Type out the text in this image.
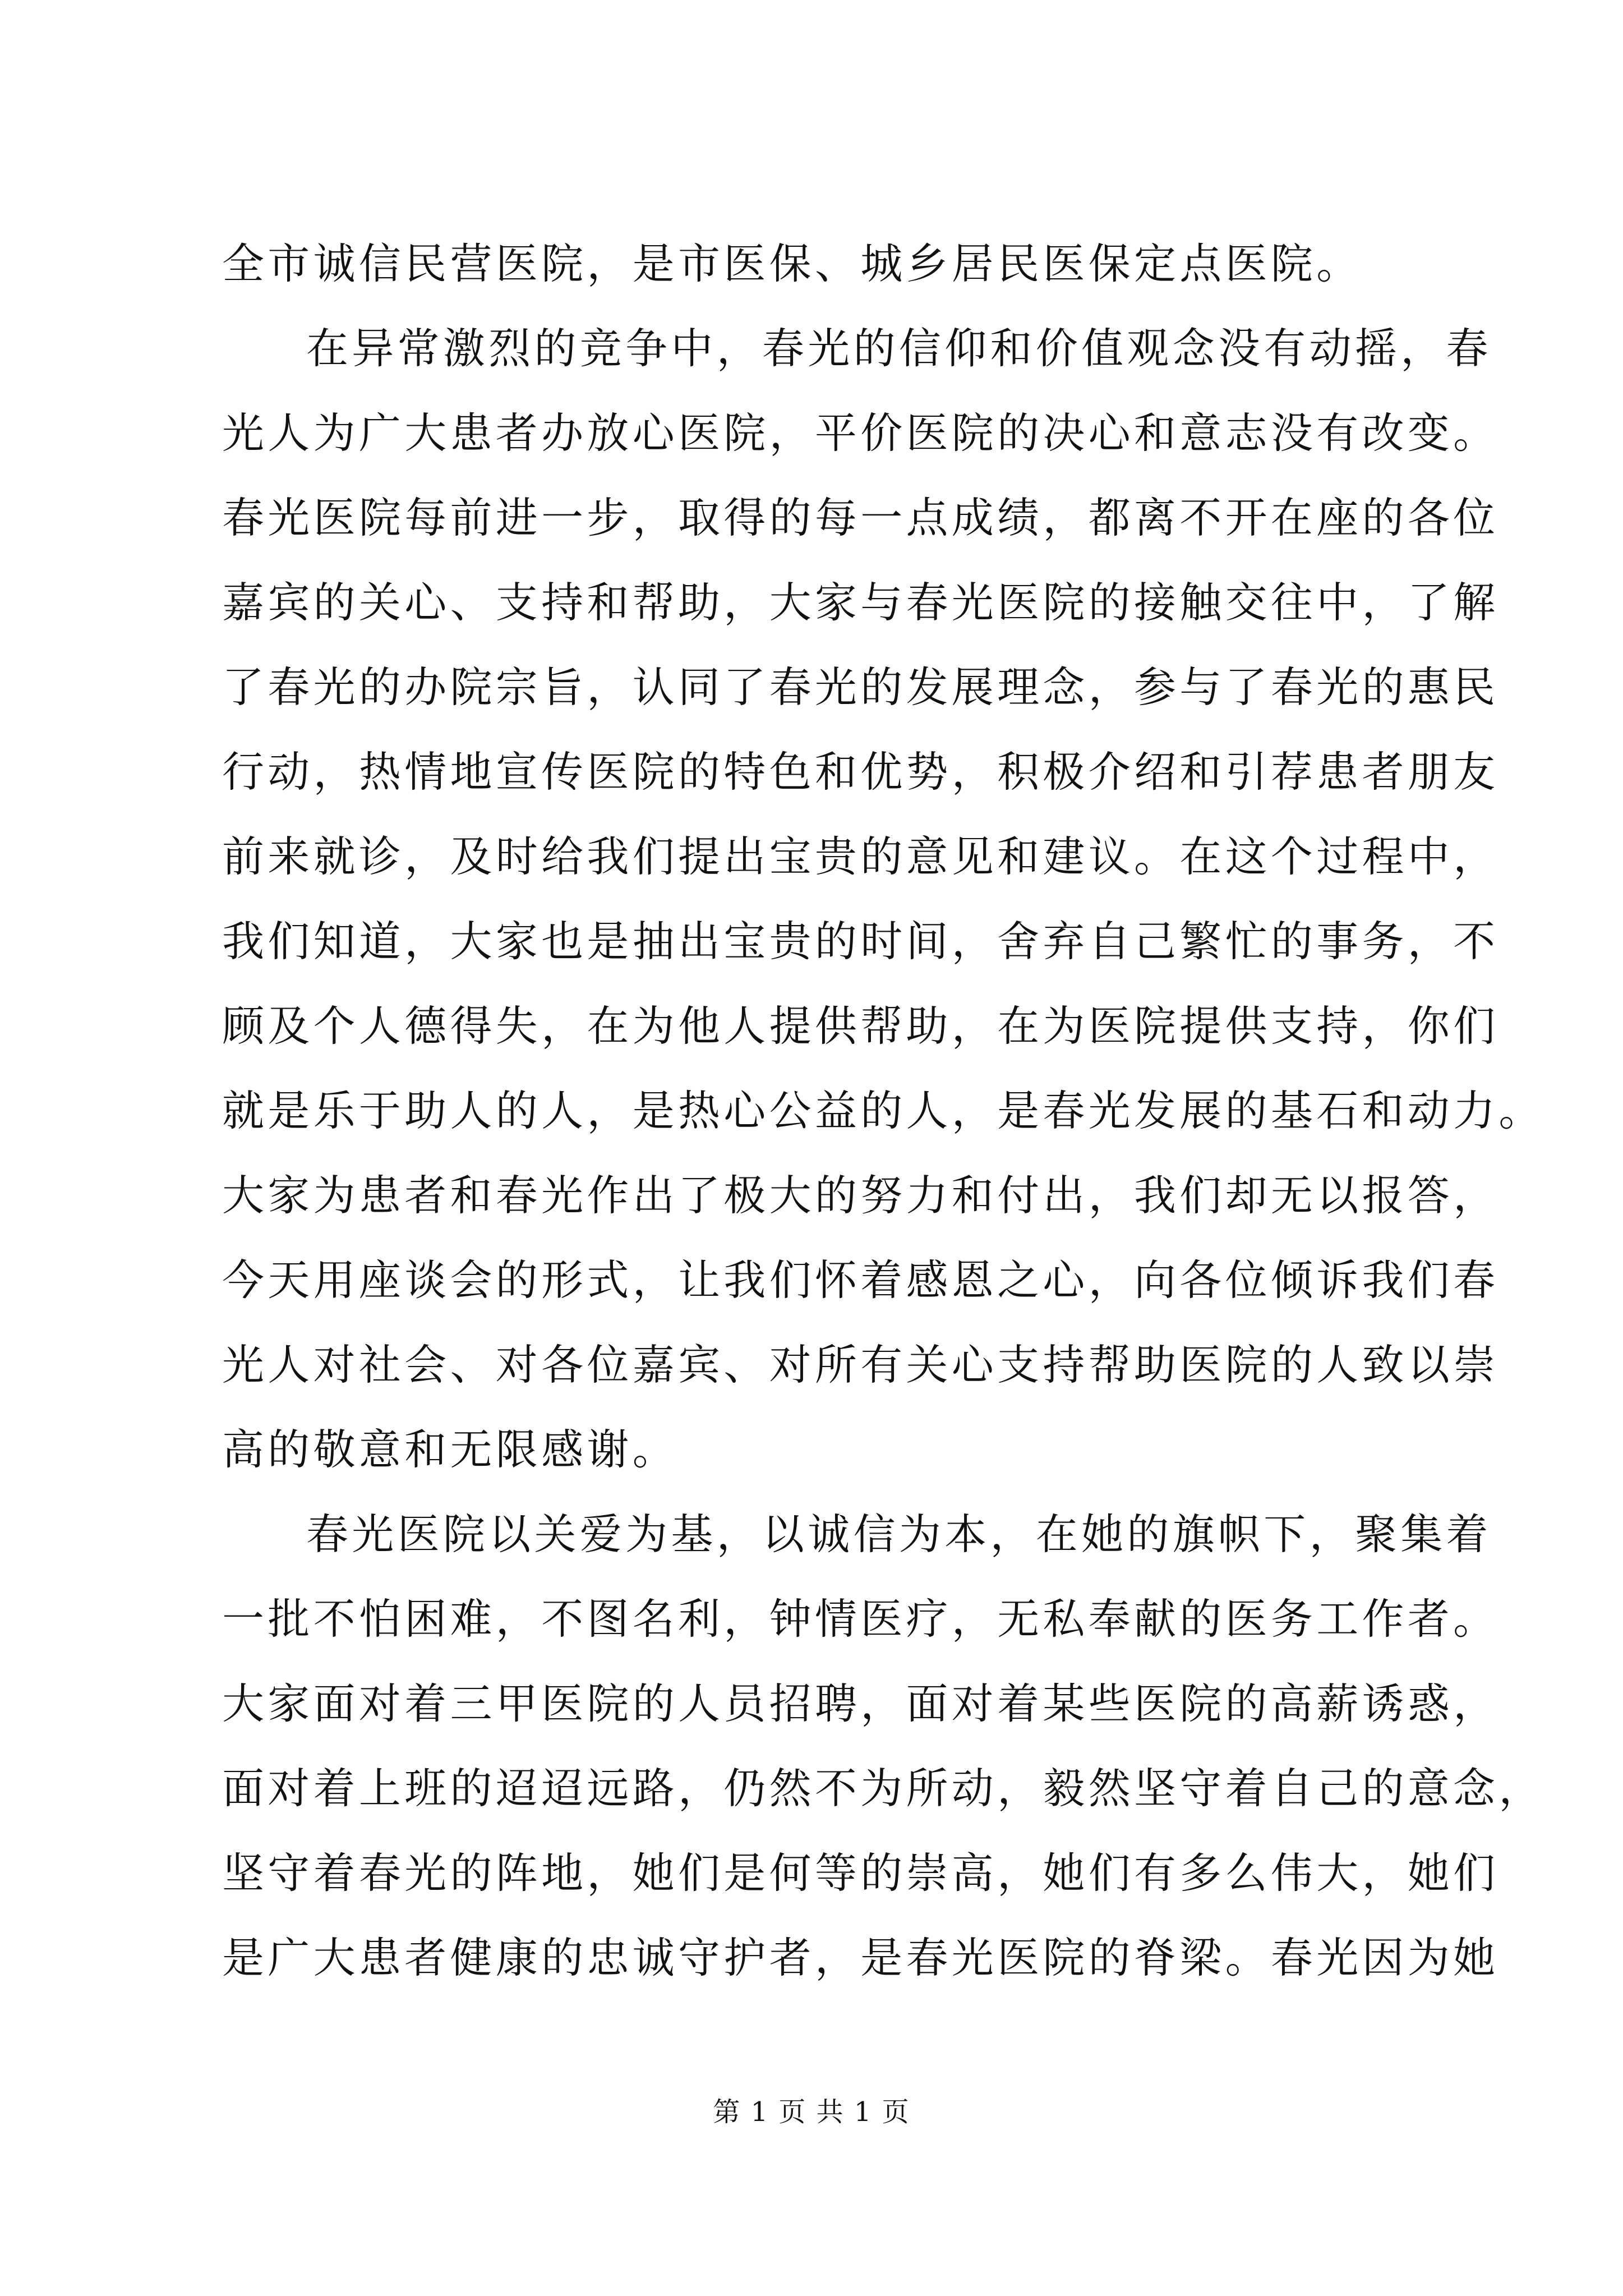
全市诚信民营医院，是市医保、城乡居民医保定点医院。
在异常激烈的竞争中，春光的信仰和价值观念没有动摇，春
光人为广大患者办放心医院，平价医院的决心和意志没有改变。
春光医院每前进一步，取得的每一点成绩，都离不开在座的各位
嘉宾的关心、支持和帮助，大家与春光医院的接触交往中，了解
了春光的办院宗旨，认同了春光的发展理念，参与了春光的惠民
行动，热情地宣传医院的特色和优势，积极介绍和引荐患者朋友
前来就诊，及时给我们提出宝贵的意见和建议。在这个过程中，
我们知道，大家也是抽出宝贵的时间，舍弃自己繁忙的事务，不
顾及个人德得失，在为他人提供帮助，在为医院提供支持，你们
就是乐于助人的人，是热心公益的人，是春光发展的基石和动力。
大家为患者和春光作出了极大的努力和付出，我们却无以报答，
今天用座谈会的形式，让我们怀着感恩之心，向各位倾诉我们春
光人对社会、对各位嘉宾、对所有关心支持帮助医院的人致以崇
高的敬意和无限感谢。
春光医院以关爱为基，以诚信为本，在她的旗帜下，聚集着
一批不怕困难，不图名利，钟情医疗，无私奉献的医务工作者。
大家面对着三甲医院的人员招聘，面对着某些医院的高薪诱惑，
面对着上班的迢迢远路，仍然不为所动，毅然坚守着自己的意念，
坚守着春光的阵地，她们是何等的崇高，她们有多么伟大，她们
是广大患者健康的忠诚守护者，是春光医院的脊梁。春光因为她
第 1 页 共 1 页
